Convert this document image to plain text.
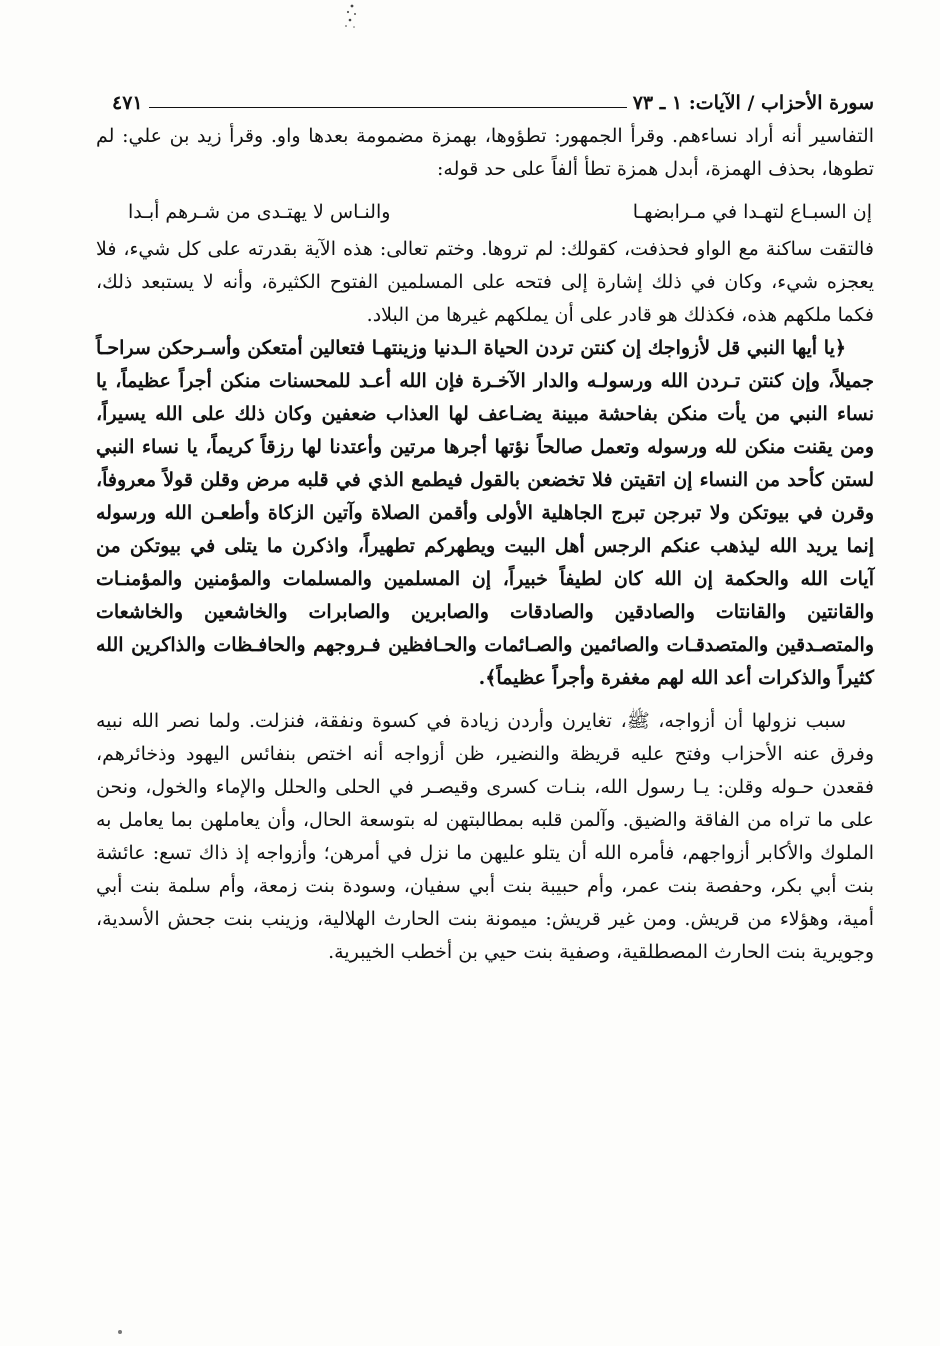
سورة الأحزاب / الآيات: ١ ـ ٧٣
٤٧١

التفاسير أنه أراد نساءهم. وقرأ الجمهور: تطؤوها، بهمزة مضمومة بعدها واو. وقرأ زيد بن علي: لم تطوها، بحذف الهمزة، أبدل همزة تطأ ألفاً على حد قوله:

إن السبـاع لتهـدا في مـرابضهـا
والنـاس لا يهتـدى من شـرهم أبـدا

فالتقت ساكنة مع الواو فحذفت، كقولك: لم تروها. وختم تعالى: هذه الآية بقدرته على كل شيء، فلا يعجزه شيء، وكان في ذلك إشارة إلى فتحه على المسلمين الفتوح الكثيرة، وأنه لا يستبعد ذلك، فكما ملكهم هذه، فكذلك هو قادر على أن يملكهم غيرها من البلاد.

﴿يا أيها النبي قل لأزواجك إن كنتن تردن الحياة الـدنيا وزينتهـا فتعالين أمتعكن وأسـرحكن سراحـاً جميلاً، وإن كنتن تـردن الله ورسولـه والدار الآخـرة فإن الله أعـد للمحسنات منكن أجراً عظيماً، يا نساء النبي من يأت منكن بفاحشة مبينة يضـاعف لها العذاب ضعفين وكان ذلك على الله يسيراً، ومن يقنت منكن لله ورسوله وتعمل صالحاً نؤتها أجرها مرتين وأعتدنا لها رزقاً كريماً، يا نساء النبي لستن كأحد من النساء إن اتقيتن فلا تخضعن بالقول فيطمع الذي في قلبه مرض وقلن قولاً معروفاً، وقرن في بيوتكن ولا تبرجن تبرج الجاهلية الأولى وأقمن الصلاة وآتين الزكاة وأطعـن الله ورسوله إنما يريد الله ليذهب عنكم الرجس أهل البيت ويطهركم تطهيراً، واذكرن ما يتلى في بيوتكن من آيات الله والحكمة إن الله كان لطيفاً خبيراً، إن المسلمين والمسلمات والمؤمنين والمؤمنـات والقانتين والقانتات والصادقين والصادقات والصابرين والصابرات والخاشعين والخاشعات والمتصـدقين والمتصدقـات والصائمين والصـائمات والحـافظين فـروجهم والحافـظات والذاكرين الله كثيراً والذكرات أعد الله لهم مغفرة وأجراً عظيماً﴾.

سبب نزولها أن أزواجه، ﷺ، تغايرن وأردن زيادة في كسوة ونفقة، فنزلت. ولما نصر الله نبيه وفرق عنه الأحزاب وفتح عليه قريظة والنضير، ظن أزواجه أنه اختص بنفائس اليهود وذخائرهم، فقعدن حـوله وقلن: يـا رسول الله، بنـات كسرى وقيصـر في الحلى والحلل والإماء والخول، ونحن على ما تراه من الفاقة والضيق. وآلمن قلبه بمطالبتهن له بتوسعة الحال، وأن يعاملهن بما يعامل به الملوك والأكابر أزواجهم، فأمره الله أن يتلو عليهن ما نزل في أمرهن؛ وأزواجه إذ ذاك تسع: عائشة بنت أبي بكر، وحفصة بنت عمر، وأم حبيبة بنت أبي سفيان، وسودة بنت زمعة، وأم سلمة بنت أبي أمية، وهؤلاء من قريش. ومن غير قريش: ميمونة بنت الحارث الهلالية، وزينب بنت جحش الأسدية، وجويرية بنت الحارث المصطلقية، وصفية بنت حيي بن أخطب الخيبرية.
